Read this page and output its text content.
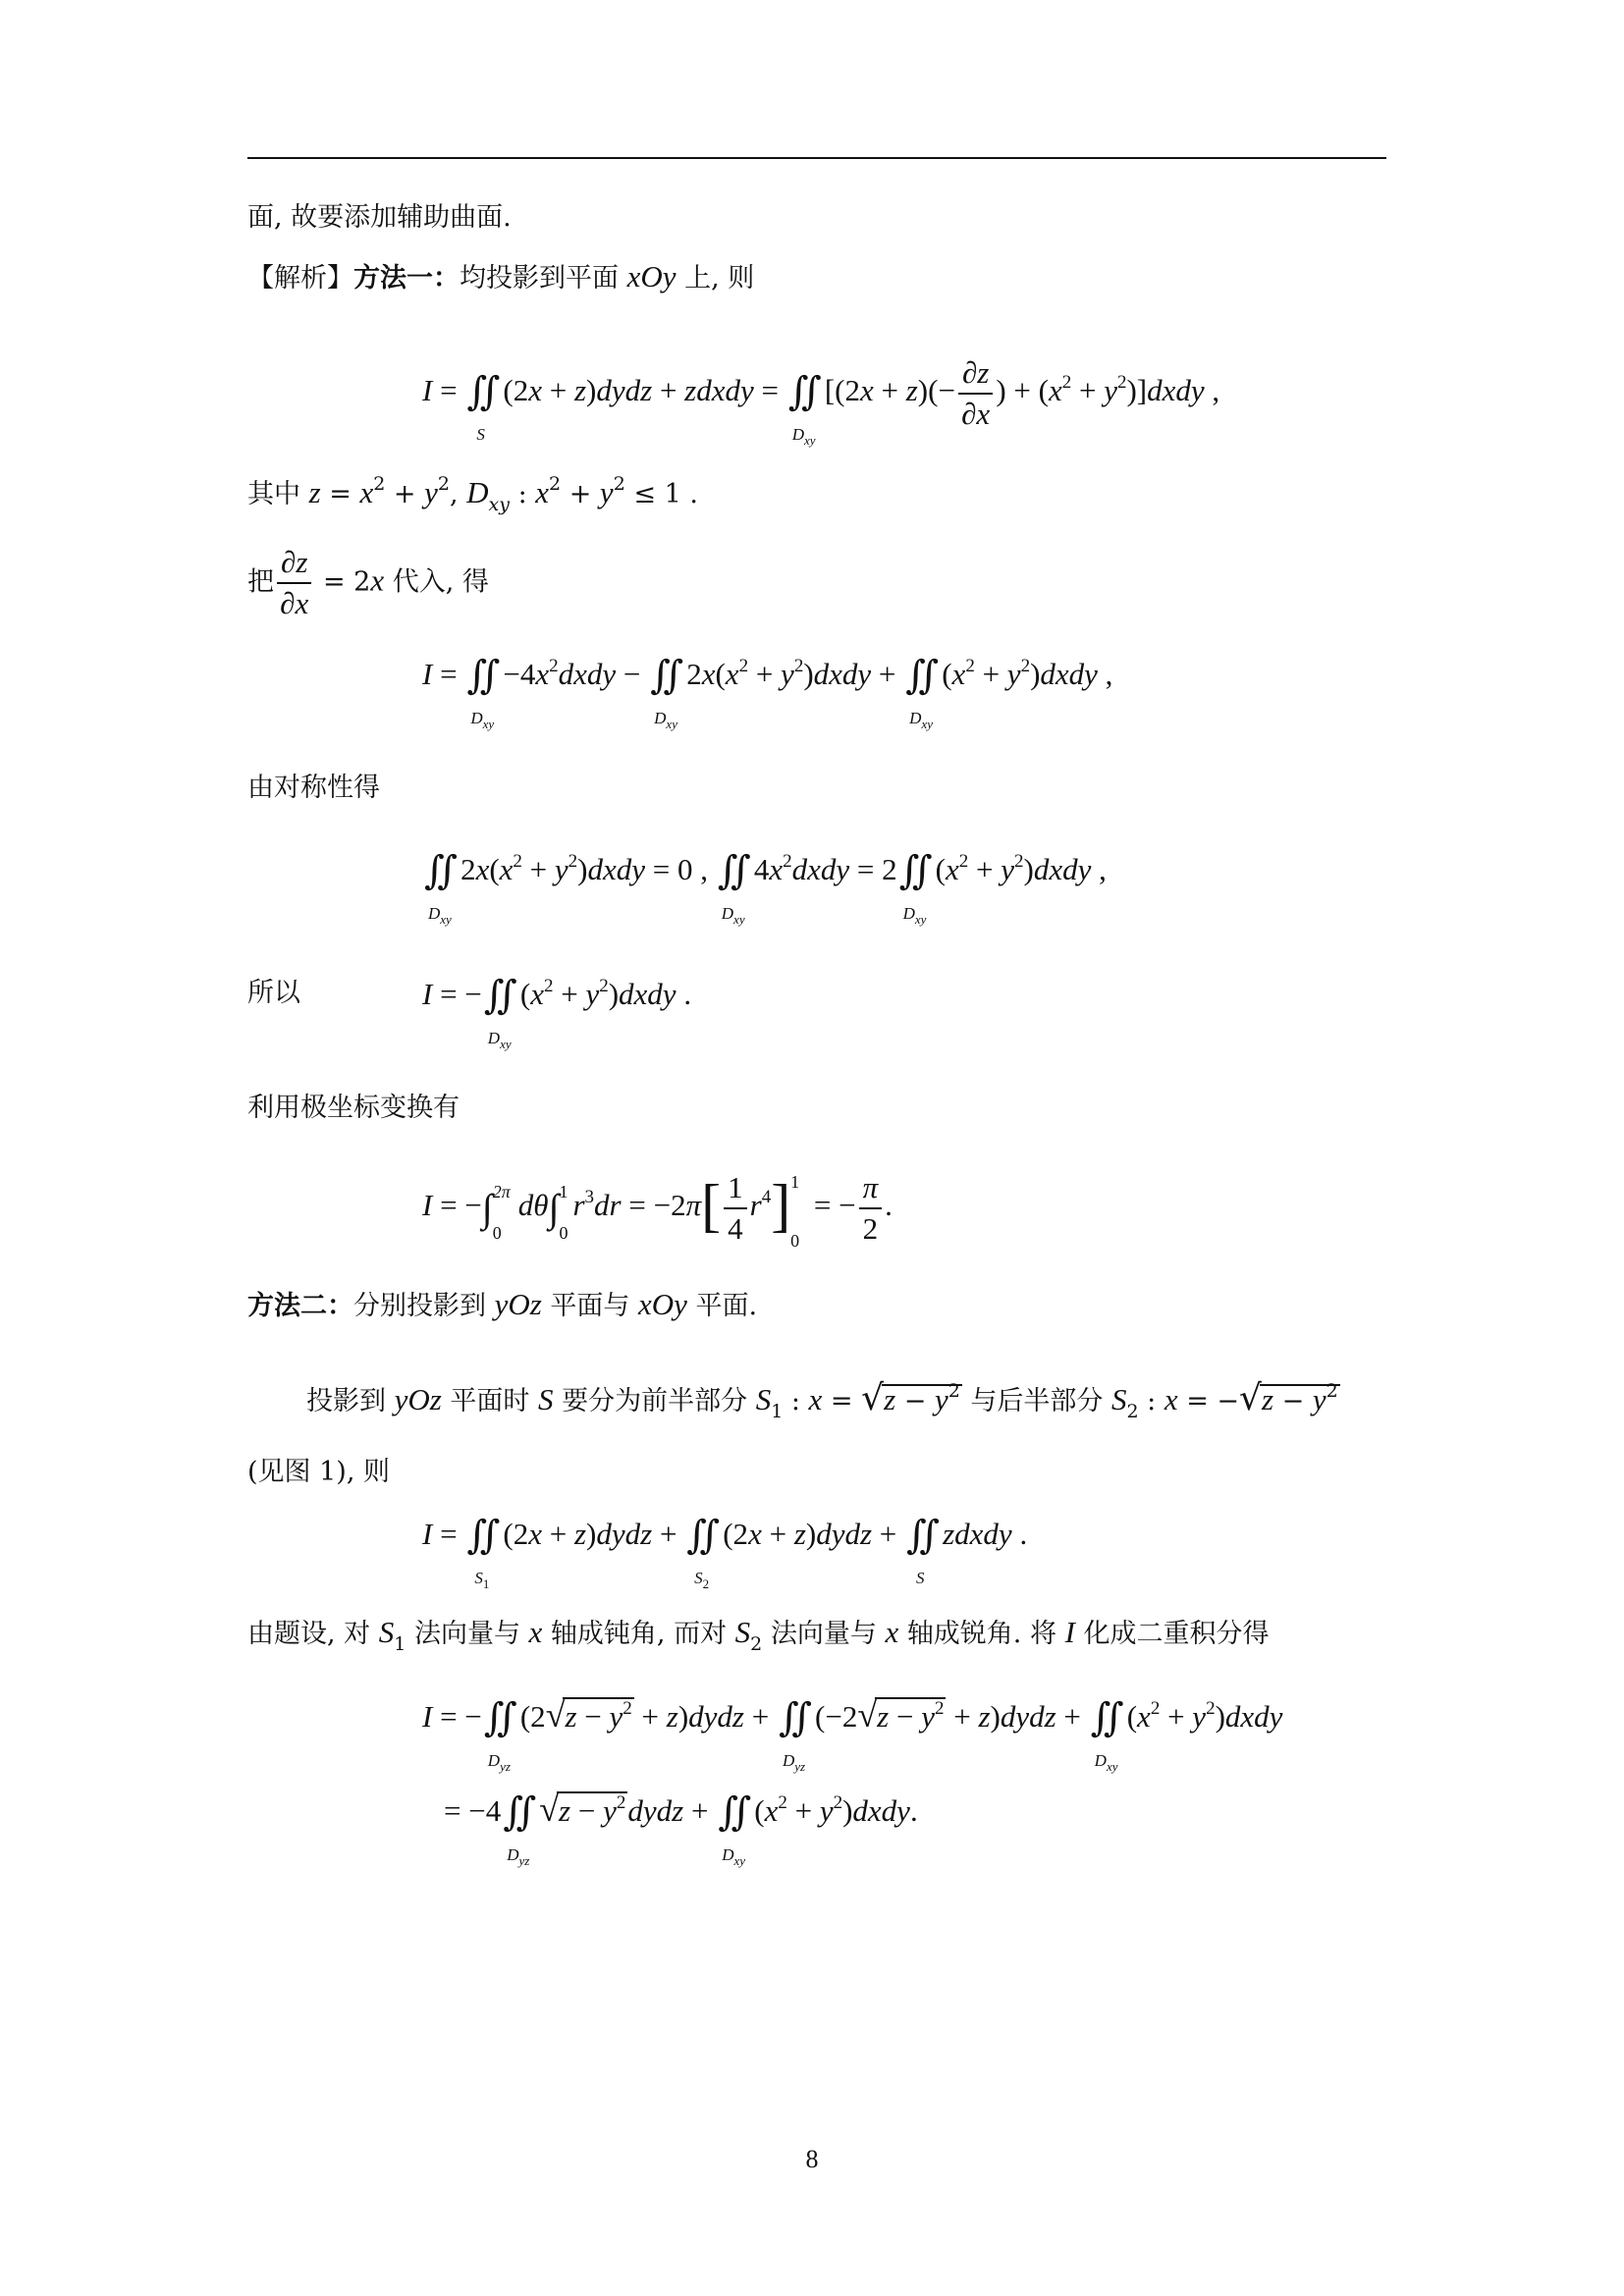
面, 故要添加辅助曲面.
【解析】方法一：均投影到平面 xOy 上, 则
I = ∬
S
(2x + z)dydz + zdxdy = ∬
$D_{xy}$
[$(2x + z)(- \frac{\partial z}{\partial x}$ ) + ($x^2$ + $y^2)]dxdy$ ,
其中 $z = x^2 + y^2$, $D_{xy}$ : $x^2 + y^2 \le 1$ .
把 $\frac{\partial z}{\partial x} = 2x$ 代入, 得
I = ∬
$D_{xy}$
$-4x^2dxdy$ − ∬
$D_{xy}$
$2x(x^2$ + $y^2)dxdy$ + ∬
$D_{xy}$
($x^2$ + $y^2)dxdy$ ,
由对称性得
∬
$D_{xy}$
$2x(x^2$ + $y^2)dxdy = 0$ , ∬
$D_{xy}$
$4x^2dxdy$ = 2∬
$D_{xy}$
($x^2$ + $y^2)dxdy$ ,
所以	I = −∬
$D_{xy}$
($x^2$ + $y^2)dxdy$ .
利用极坐标变换有
I = −∫ 2π
0
dθ∫ 1
0
$r^3dr = -2\pi[ \frac{1}{4} r^4]$ 1
0
= − $\frac{\pi}{2}$ .
方法二：分别投影到 yOz 平面与 xOy 平面.
投影到 yOz 平面时 S 要分为前半部分 $S_1$ : $x = √z - y^2$ 与后半部分 $S_2$ : $x = -√z - y^2$
(见图 1), 则
I = ∬
$S_1$
(2x + z)dydz + ∬
$S_2$
(2x + z)dydz + ∬
S
zdxdy .
由题设, 对 $S_1$ 法向量与 x 轴成钝角, 而对 $S_2$ 法向量与 x 轴成锐角. 将 I 化成二重积分得
I = −∬
$D_{yz}$
($2√z - y^2$ + z)dydz + ∬
$D_{yz}$
($-2√z - y^2$ + z)dydz + ∬
$D_{xy}$
($x^2$ + $y^2)dxdy$
= −4∬
$D_{yz}$
$√z - y^2dydz$ + ∬
$D_{xy}$
($x^2$ + $y^2)dxdy$.
8
